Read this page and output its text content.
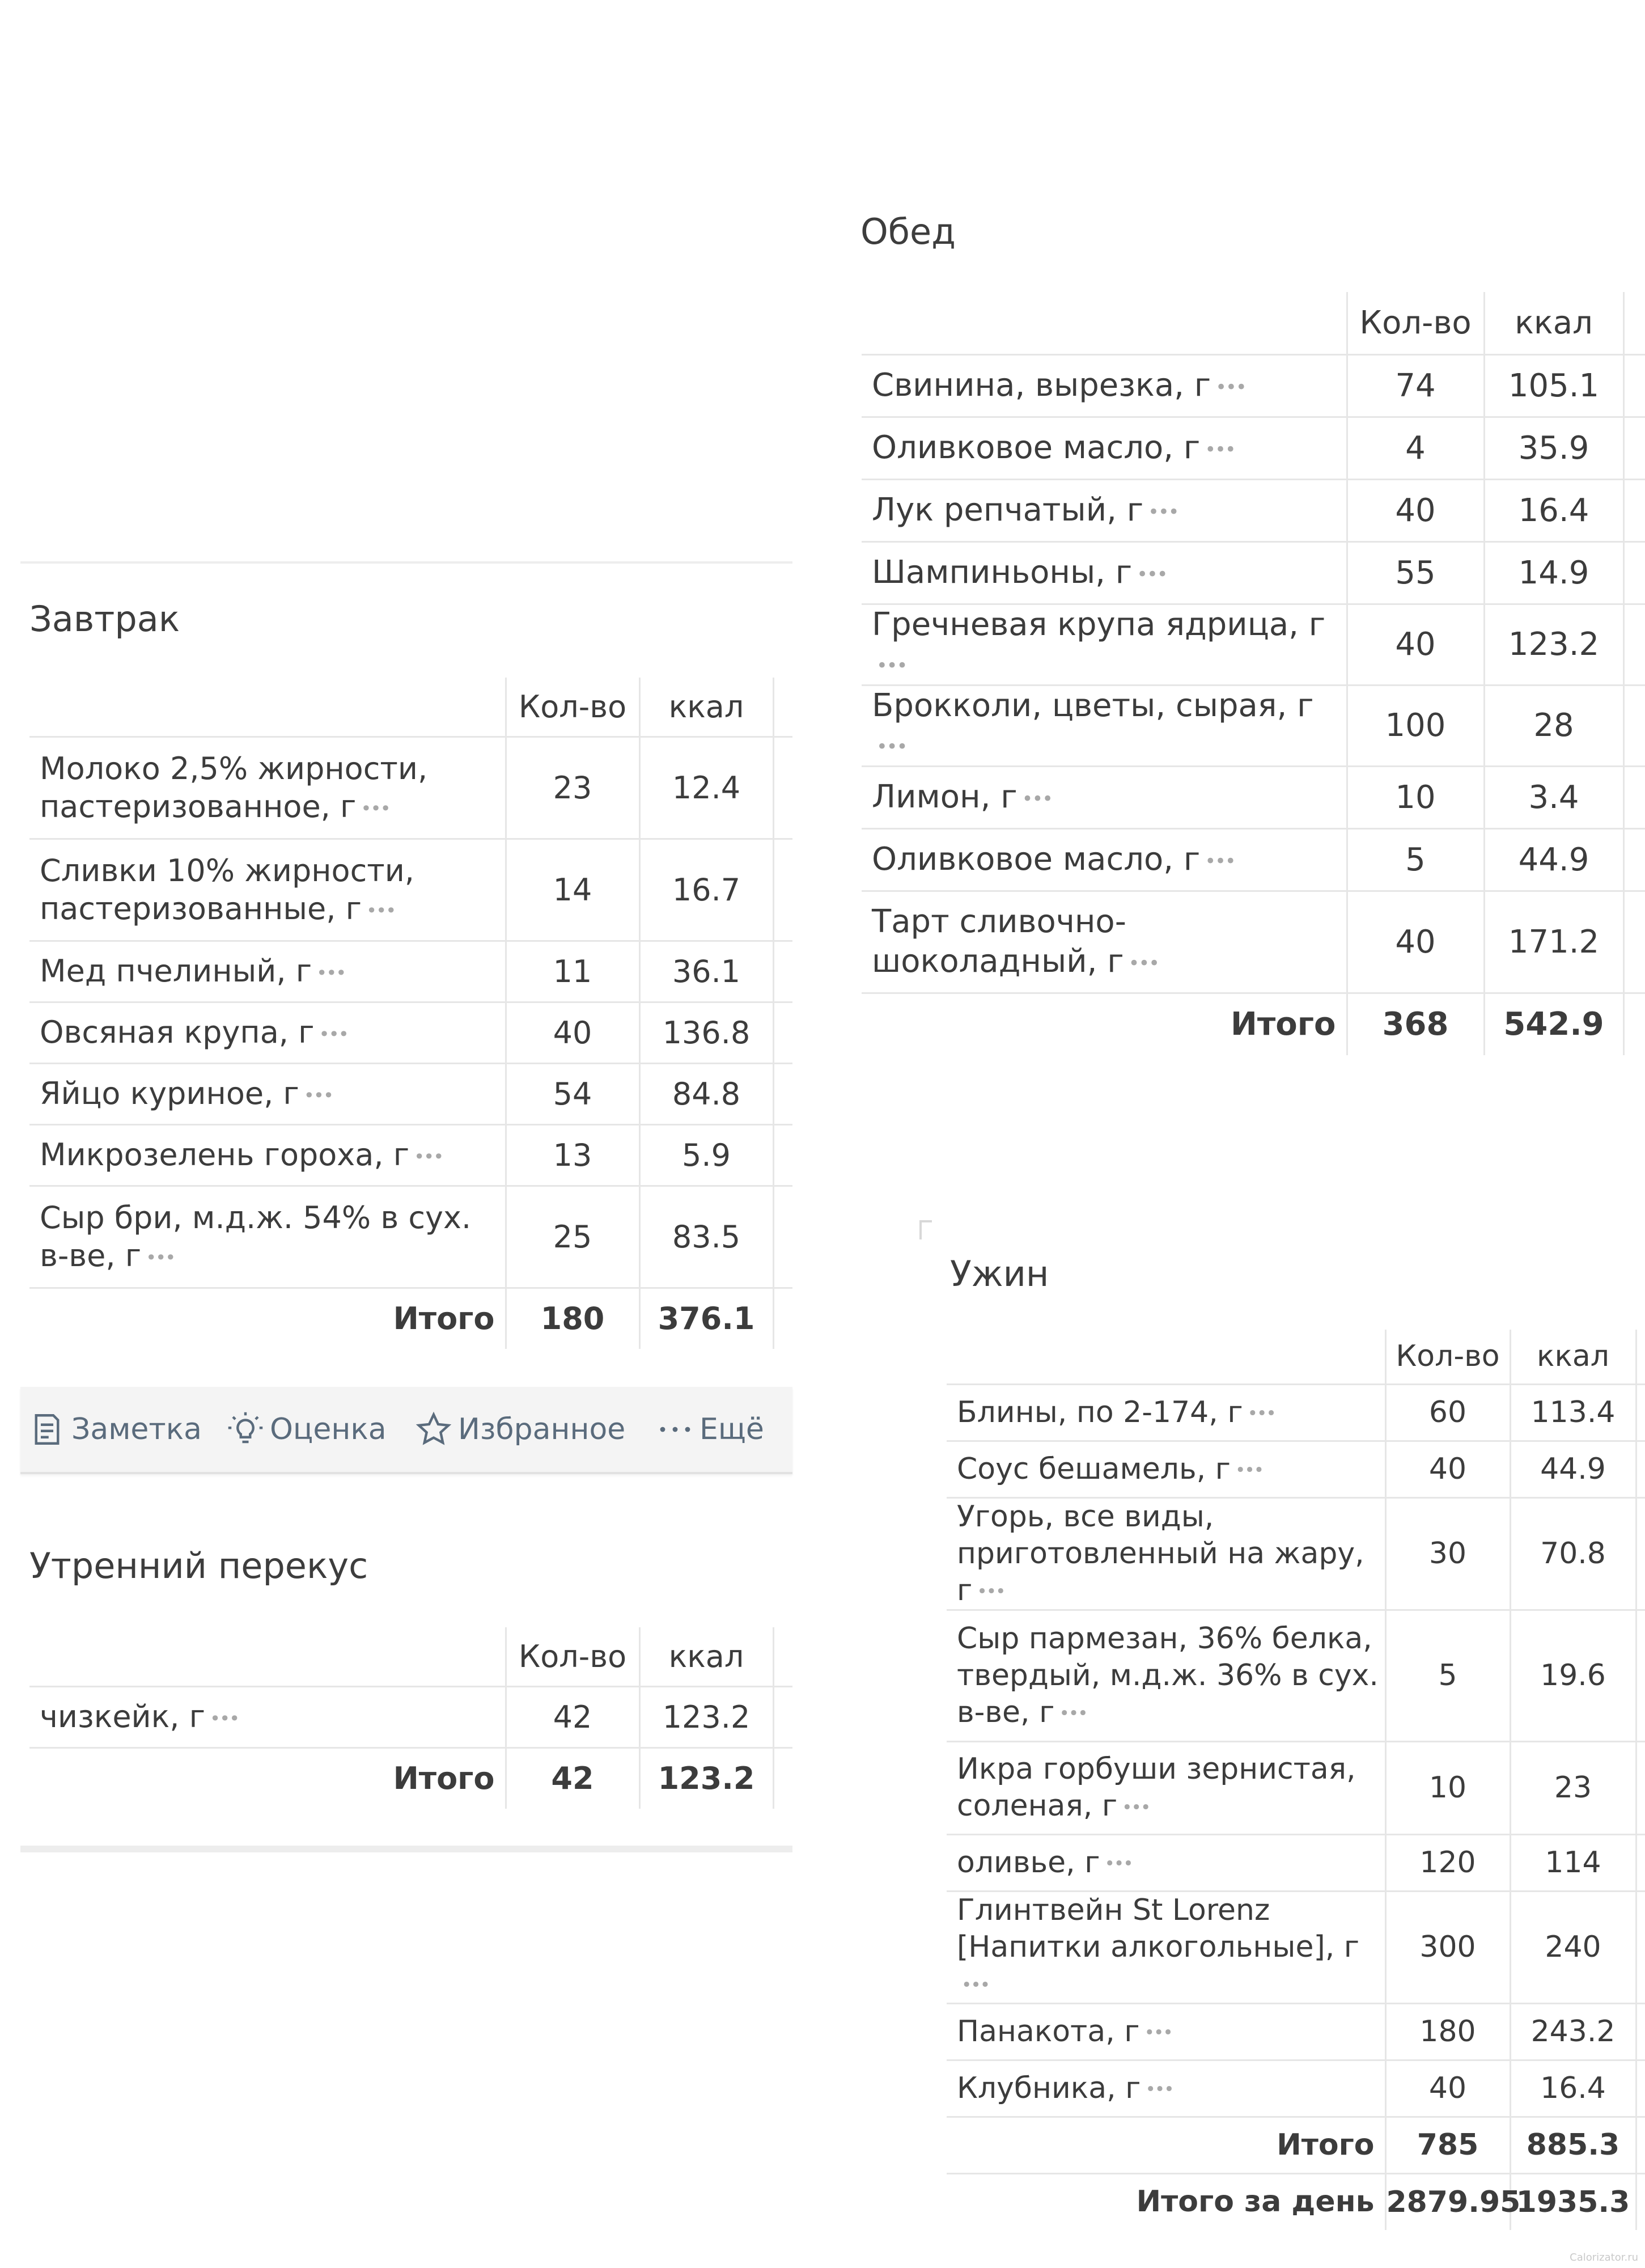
Завтрак
	Кол-во	ккал	
Молоко 2,5% жирности, пастеризованное, г •••	23	12.4	
Сливки 10% жирности, пастеризованные, г •••	14	16.7	
Мед пчелиный, г •••	11	36.1	
Овсяная крупа, г •••	40	136.8	
Яйцо куриное, г •••	54	84.8	
Микрозелень гороха, г •••	13	5.9	
Сыр бри, м.д.ж. 54% в сух. в-ве, г •••	25	83.5	
Итого	180	376.1	
Заметка Оценка Избранное	Ещё
Утренний перекус
	Кол-во	ккал	
чизкейк, г •••	42	123.2	
Итого	42	123.2	
Обед
	Кол-во	ккал	
Свинина, вырезка, г •••	74	105.1	
Оливковое масло, г •••	4	35.9	
Лук репчатый, г •••	40	16.4	
Шампиньоны, г •••	55	14.9	
Гречневая крупа ядрица, г•••	40	123.2	
Брокколи, цветы, сырая, г•••	100	28	
Лимон, г •••	10	3.4	
Оливковое масло, г •••	5	44.9	
Тарт сливочно-шоколадный, г •••	40	171.2	
Итого	368	542.9	
Ужин
	Кол-во	ккал	
Блины, по 2-174, г •••	60	113.4	
Соус бешамель, г •••	40	44.9	
Угорь, все виды, приготовленный на жару, г •••	30	70.8	
Сыр пармезан, 36% белка, твердый, м.д.ж. 36% в сух. в-ве, г •••	5	19.6	
Икра горбуши зернистая, соленая, г •••	10	23	
оливье, г •••	120	114	
Глинтвейн St Lorenz [Напитки алкогольные], г•••	300	240	
Панакота, г •••	180	243.2	
Клубника, г •••	40	16.4	
Итого	785	885.3	
Итого за день	2879.95	1935.3	
Calorizator.ru
